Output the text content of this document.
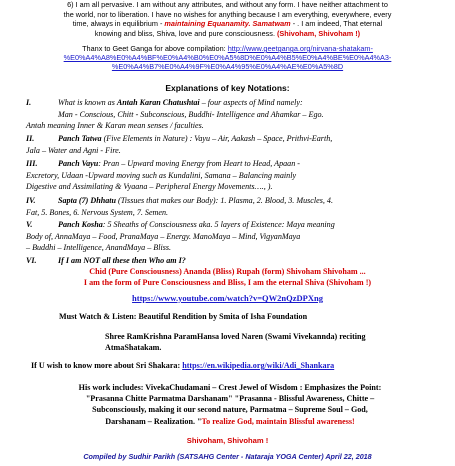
6) I am all pervasive. I am without any attributes, and without any form. I have neither attachment to
the world, nor to liberation. I have no wishes for anything because I am everything, everywhere, every
time, always in equilibrium - maintaining Equanamity. Samatwam - . I am indeed, That eternal
knowing and bliss, Shiva, love and pure consciousness. (Shivoham, Shivoham !)
Thanx to Geet Ganga for above compilation: http://www.geetganga.org/nirvana-shatakam-
%E0%A4%A8%E0%A4%BF%E0%A4%B0%E0%A5%8D%E0%A4%B5%E0%A4%BE%E0%A4%A3-
%E0%A4%B7%E0%A4%9F%E0%A4%95%E0%A4%AE%E0%A5%8D
Explanations of key Notations:
I.	What is known as Antah Karan Chatushtai – four aspects of Mind namely:
Man - Conscious, Chitt - Subconscious, Buddhi- Intelligence and Ahamkar – Ego.
Antah meaning Inner & Karan mean senses / faculties.
II.	Panch Tatwa (Five Elements in Nature) : Vayu – Air, Aakash – Space, Prithvi-Earth,
Jala – Water and Agni - Fire.
III.	Panch Vayu: Pran – Upward moving Energy from Heart to Head, Apaan -
Excretory, Udaan -Upward moving such as Kundalini, Samana – Balancing mainly
Digestive and Assimilating & Vyaana – Peripheral Energy Movements…., ).
IV.	Sapta (7) Dhhatu (Tissues that makes our Body): 1. Plasma, 2. Blood, 3. Muscles, 4.
Fat, 5. Bones, 6. Nervous System, 7. Semen.
V.	Panch Kosha: 5 Sheaths of Consciousness aka. 5 layers of Existence: Maya meaning
Body of, AnnaMaya – Food, PranaMaya – Energy. ManoMaya – Mind, VigyanMaya
– Buddhi – Intelligence, AnandMaya – Bliss.
VI.	If I am NOT all these then Who am I?
Chid (Pure Consciousness) Ananda (Bliss) Rupah (form) Shivoham Shivoham ...
I am the form of Pure Consciousness and Bliss, I am the eternal Shiva (Shivoham !)
https://www.youtube.com/watch?v=QW2nQzDPXng
Must Watch & Listen: Beautiful Rendition by Smita of Isha Foundation
Shree RamKrishna ParamHansa loved Naren (Swami Vivekannda) reciting
AtmaShatakam.
If U wish to know more about Sri Shakara: https://en.wikipedia.org/wiki/Adi_Shankara
His work includes: VivekaChudamani – Crest Jewel of Wisdom : Emphasizes the Point:
"Prasanna Chitte Parmatma Darshanam" "Prasanna - Blissful Awareness, Chitte –
Subconsciously, making it our second nature, Parmatma – Supreme Soul – God,
Darshanam – Realization. "To realize God, maintain Blissful awareness!
Shivoham, Shivoham !
Compiled by Sudhir Parikh (SATSAHG Center - Nataraja YOGA Center) April 22, 2018
